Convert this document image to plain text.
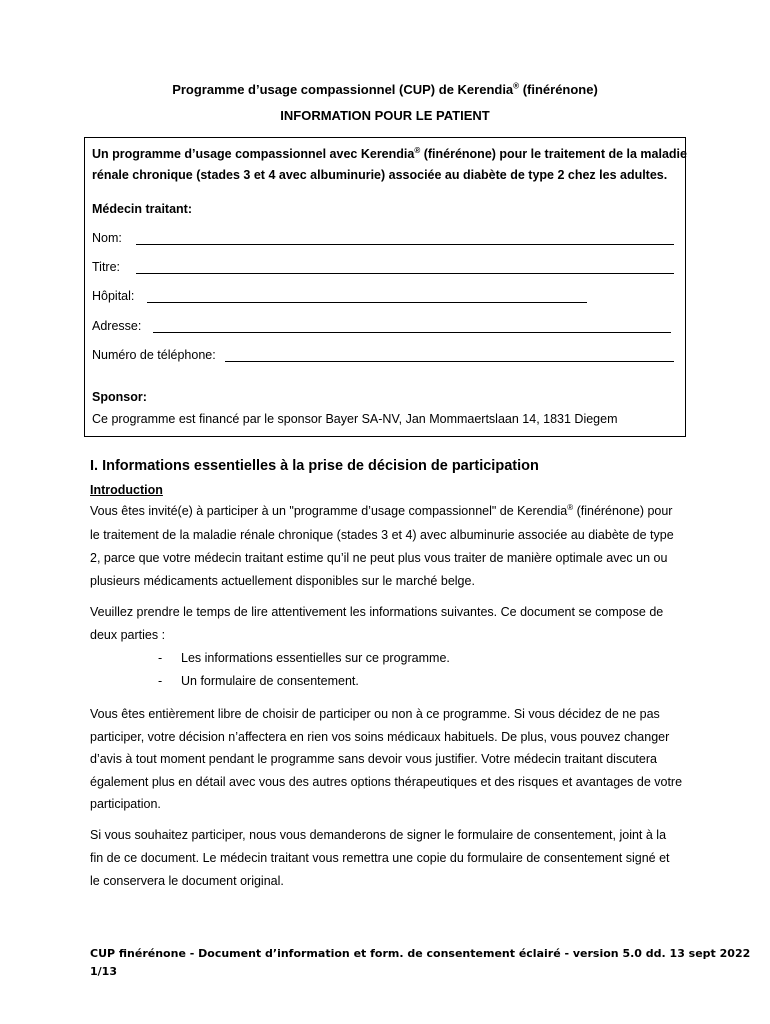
Programme d’usage compassionnel (CUP) de Kerendia® (finérénone)
INFORMATION POUR LE PATIENT
Un programme d’usage compassionnel avec Kerendia® (finérénone) pour le traitement de la maladie
rénale chronique (stades 3 et 4 avec albuminurie) associée au diabète de type 2 chez les adultes.
Médecin traitant:
Nom:
Titre:
Hôpital:
Adresse:
Numéro de téléphone:
Sponsor:
Ce programme est financé par le sponsor Bayer SA-NV, Jan Mommaertslaan 14, 1831 Diegem
I. Informations essentielles à la prise de décision de participation
Introduction
Vous êtes invité(e) à participer à un "programme d’usage compassionnel" de Kerendia® (finérénone) pour
le traitement de la maladie rénale chronique (stades 3 et 4) avec albuminurie associée au diabète de type
2, parce que votre médecin traitant estime qu’il ne peut plus vous traiter de manière optimale avec un ou
plusieurs médicaments actuellement disponibles sur le marché belge.
Veuillez prendre le temps de lire attentivement les informations suivantes. Ce document se compose de
deux parties :
- Les informations essentielles sur ce programme.
- Un formulaire de consentement.
Vous êtes entièrement libre de choisir de participer ou non à ce programme. Si vous décidez de ne pas
participer, votre décision n’affectera en rien vos soins médicaux habituels. De plus, vous pouvez changer
d’avis à tout moment pendant le programme sans devoir vous justifier. Votre médecin traitant discutera
également plus en détail avec vous des autres options thérapeutiques et des risques et avantages de votre
participation.
Si vous souhaitez participer, nous vous demanderons de signer le formulaire de consentement, joint à la
fin de ce document. Le médecin traitant vous remettra une copie du formulaire de consentement signé et
le conservera le document original.
CUP finérénone - Document d’information et form. de consentement éclairé - version 5.0 dd. 13 sept 2022
1/13
